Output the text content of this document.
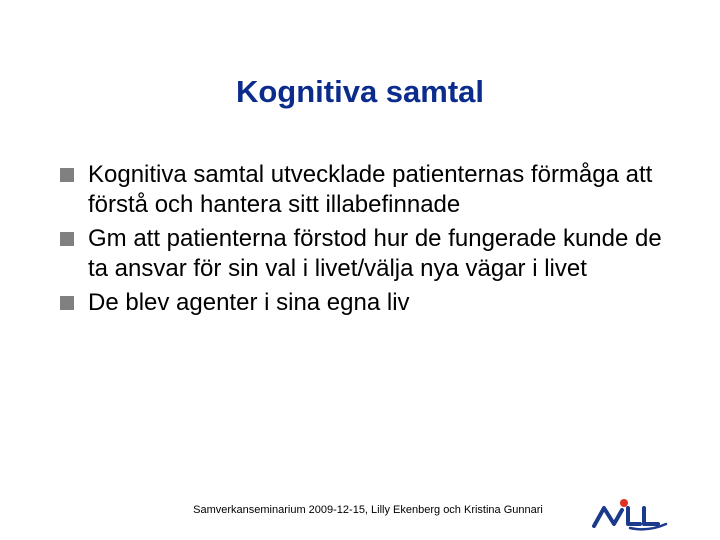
Kognitiva samtal
Kognitiva samtal utvecklade patienternas förmåga att förstå och hantera sitt illabefinnade
Gm att patienterna förstod hur de fungerade kunde de ta ansvar för sin val i livet/välja nya vägar i livet
De blev agenter i sina egna liv
Samverkanseminarium 2009-12-15, Lilly Ekenberg och Kristina Gunnari
